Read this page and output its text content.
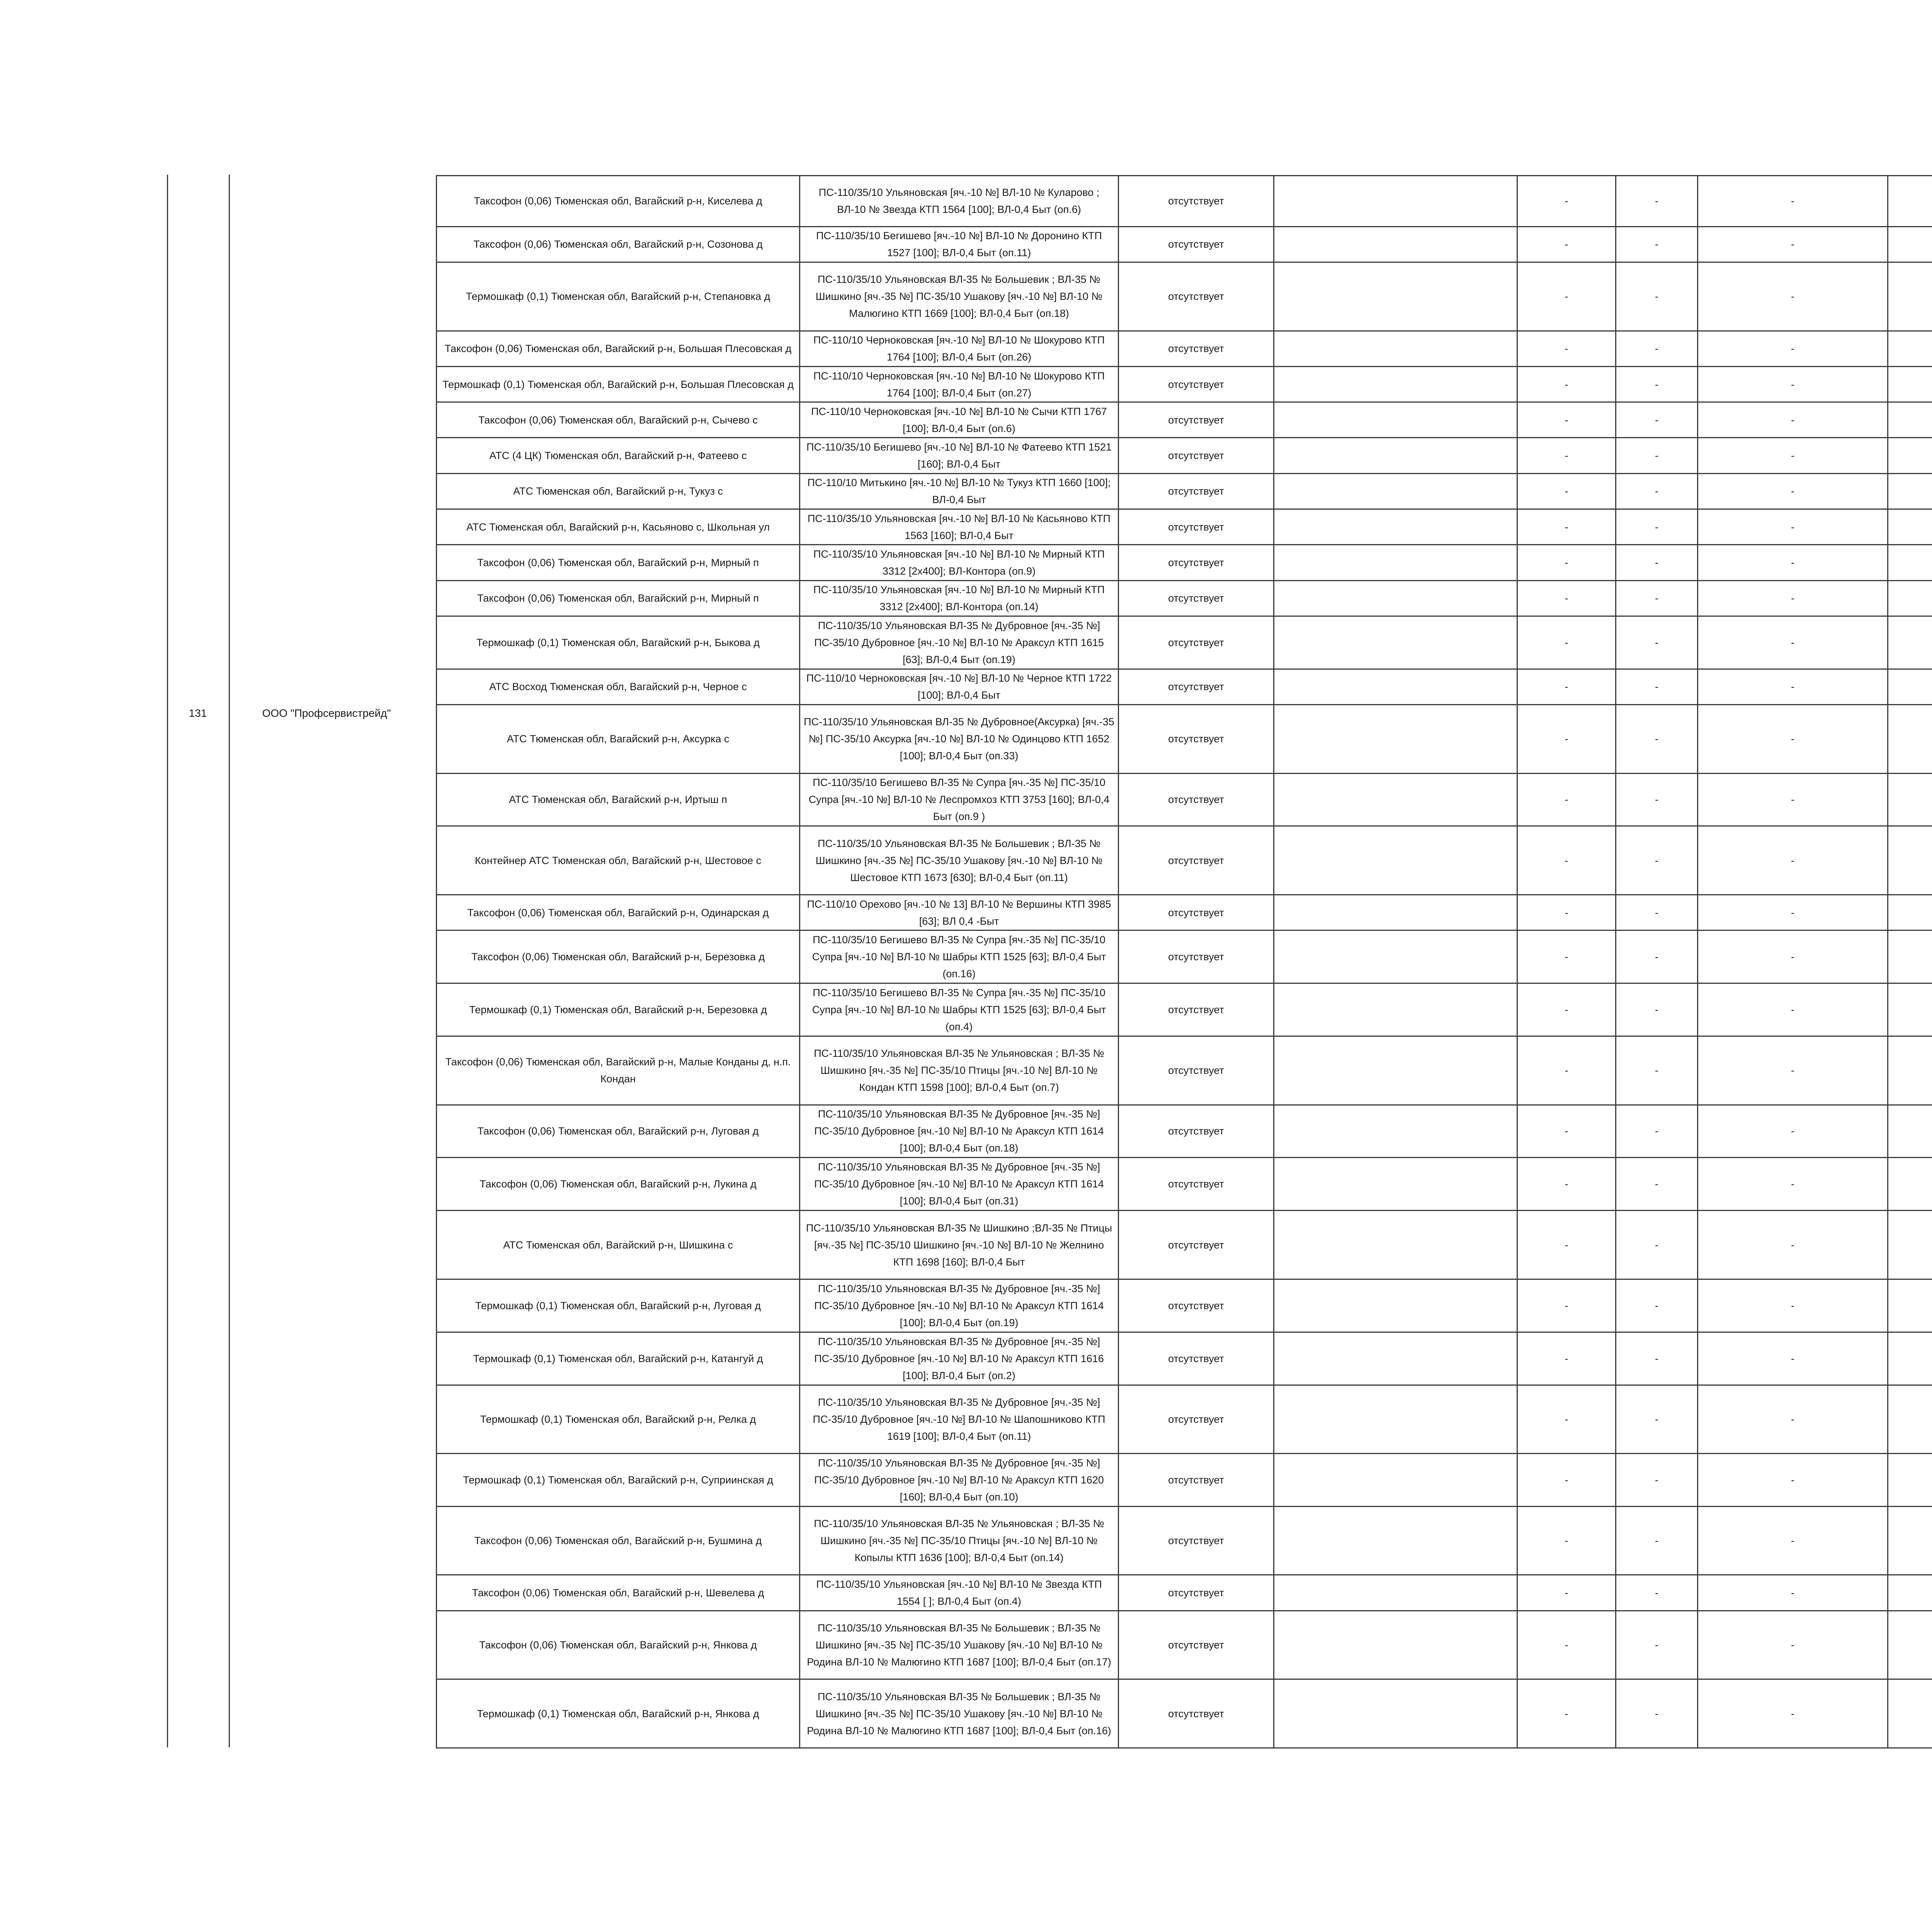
131	ООО "Профсервистрейд"
Таксофон (0,06) Тюменская обл, Вагайский р-н, Киселева д	ПС-110/35/10 Ульяновская [яч.-10 №] ВЛ-10 № Куларово ; ВЛ-10 № Звезда КТП 1564 [100]; ВЛ-0,4 Быт (оп.6)	отсутствует		-	-	-			
Таксофон (0,06) Тюменская обл, Вагайский р-н, Созонова д	ПС-110/35/10 Бегишево [яч.-10 №] ВЛ-10 № Доронино КТП 1527 [100]; ВЛ-0,4 Быт (оп.11)	отсутствует		-	-	-			
Термошкаф (0,1) Тюменская обл, Вагайский р-н, Степановка д	ПС-110/35/10 Ульяновская ВЛ-35 № Большевик ; ВЛ-35 № Шишкино [яч.-35 №] ПС-35/10 Ушакову [яч.-10 №] ВЛ-10 № Малюгино КТП 1669 [100]; ВЛ-0,4 Быт (оп.18)	отсутствует		-	-	-			
Таксофон (0,06) Тюменская обл, Вагайский р-н, Большая Плесовская д	ПС-110/10 Черноковская [яч.-10 №] ВЛ-10 № Шокурово КТП 1764 [100]; ВЛ-0,4 Быт (оп.26)	отсутствует		-	-	-			
Термошкаф (0,1) Тюменская обл, Вагайский р-н, Большая Плесовская д	ПС-110/10 Черноковская [яч.-10 №] ВЛ-10 № Шокурово КТП 1764 [100]; ВЛ-0,4 Быт (оп.27)	отсутствует		-	-	-			
Таксофон (0,06) Тюменская обл, Вагайский р-н, Сычево с	ПС-110/10 Черноковская [яч.-10 №] ВЛ-10 № Сычи КТП 1767 [100]; ВЛ-0,4 Быт (оп.6)	отсутствует		-	-	-			
АТС (4 ЦК) Тюменская обл, Вагайский р-н, Фатеево с	ПС-110/35/10 Бегишево [яч.-10 №] ВЛ-10 № Фатеево КТП 1521 [160]; ВЛ-0,4 Быт	отсутствует		-	-	-			
АТС Тюменская обл, Вагайский р-н, Тукуз с	ПС-110/10 Митькино [яч.-10 №] ВЛ-10 № Тукуз КТП 1660 [100]; ВЛ-0,4 Быт	отсутствует		-	-	-			
АТС Тюменская обл, Вагайский р-н, Касьяново с, Школьная ул	ПС-110/35/10 Ульяновская [яч.-10 №] ВЛ-10 № Касьяново КТП 1563 [160]; ВЛ-0,4 Быт	отсутствует		-	-	-			
Таксофон (0,06) Тюменская обл, Вагайский р-н, Мирный п	ПС-110/35/10 Ульяновская [яч.-10 №] ВЛ-10 № Мирный КТП 3312 [2х400]; ВЛ-Контора (оп.9)	отсутствует		-	-	-			
Таксофон (0,06) Тюменская обл, Вагайский р-н, Мирный п	ПС-110/35/10 Ульяновская [яч.-10 №] ВЛ-10 № Мирный КТП 3312 [2х400]; ВЛ-Контора (оп.14)	отсутствует		-	-	-			
Термошкаф (0,1) Тюменская обл, Вагайский р-н, Быкова д	ПС-110/35/10 Ульяновская ВЛ-35 № Дубровное [яч.-35 №] ПС-35/10 Дубровное [яч.-10 №] ВЛ-10 № Араксул КТП 1615 [63]; ВЛ-0,4 Быт (оп.19)	отсутствует		-	-	-			
АТС Восход Тюменская обл, Вагайский р-н, Черное с	ПС-110/10 Черноковская [яч.-10 №] ВЛ-10 № Черное КТП 1722 [100]; ВЛ-0,4 Быт	отсутствует		-	-	-			
АТС Тюменская обл, Вагайский р-н, Аксурка с	ПС-110/35/10 Ульяновская ВЛ-35 № Дубровное(Аксурка) [яч.-35 №] ПС-35/10 Аксурка [яч.-10 №] ВЛ-10 № Одинцово КТП 1652 [100]; ВЛ-0,4 Быт (оп.33)	отсутствует		-	-	-			
АТС Тюменская обл, Вагайский р-н, Иртыш п	ПС-110/35/10 Бегишево ВЛ-35 № Супра [яч.-35 №] ПС-35/10 Супра [яч.-10 №] ВЛ-10 № Леспромхоз КТП 3753 [160]; ВЛ-0,4 Быт (оп.9 )	отсутствует		-	-	-			
Контейнер АТС Тюменская обл, Вагайский р-н, Шестовое с	ПС-110/35/10 Ульяновская ВЛ-35 № Большевик ; ВЛ-35 № Шишкино [яч.-35 №] ПС-35/10 Ушакову [яч.-10 №] ВЛ-10 № Шестовое КТП 1673 [630]; ВЛ-0,4 Быт (оп.11)	отсутствует		-	-	-			
Таксофон (0,06) Тюменская обл, Вагайский р-н, Одинарская д	ПС-110/10 Орехово [яч.-10 № 13] ВЛ-10 № Вершины КТП 3985 [63]; ВЛ 0,4 -Быт	отсутствует		-	-	-			
Таксофон (0,06) Тюменская обл, Вагайский р-н, Березовка д	ПС-110/35/10 Бегишево ВЛ-35 № Супра [яч.-35 №] ПС-35/10 Супра [яч.-10 №] ВЛ-10 № Шабры КТП 1525 [63]; ВЛ-0,4 Быт (оп.16)	отсутствует		-	-	-			
Термошкаф (0,1) Тюменская обл, Вагайский р-н, Березовка д	ПС-110/35/10 Бегишево ВЛ-35 № Супра [яч.-35 №] ПС-35/10 Супра [яч.-10 №] ВЛ-10 № Шабры КТП 1525 [63]; ВЛ-0,4 Быт (оп.4)	отсутствует		-	-	-			
Таксофон (0,06) Тюменская обл, Вагайский р-н, Малые Конданы д, н.п. Кондан	ПС-110/35/10 Ульяновская ВЛ-35 № Ульяновская ; ВЛ-35 № Шишкино [яч.-35 №] ПС-35/10 Птицы [яч.-10 №] ВЛ-10 № Кондан КТП 1598 [100]; ВЛ-0,4 Быт (оп.7)	отсутствует		-	-	-			
Таксофон (0,06) Тюменская обл, Вагайский р-н, Луговая д	ПС-110/35/10 Ульяновская ВЛ-35 № Дубровное [яч.-35 №] ПС-35/10 Дубровное [яч.-10 №] ВЛ-10 № Араксул КТП 1614 [100]; ВЛ-0,4 Быт (оп.18)	отсутствует		-	-	-			
Таксофон (0,06) Тюменская обл, Вагайский р-н, Лукина д	ПС-110/35/10 Ульяновская ВЛ-35 № Дубровное [яч.-35 №] ПС-35/10 Дубровное [яч.-10 №] ВЛ-10 № Араксул КТП 1614 [100]; ВЛ-0,4 Быт (оп.31)	отсутствует		-	-	-			
АТС Тюменская обл, Вагайский р-н, Шишкина с	ПС-110/35/10 Ульяновская ВЛ-35 № Шишкино ;ВЛ-35 № Птицы [яч.-35 №] ПС-35/10 Шишкино [яч.-10 №] ВЛ-10 № Желнино КТП 1698 [160]; ВЛ-0,4 Быт	отсутствует		-	-	-			
Термошкаф (0,1) Тюменская обл, Вагайский р-н, Луговая д	ПС-110/35/10 Ульяновская ВЛ-35 № Дубровное [яч.-35 №] ПС-35/10 Дубровное [яч.-10 №] ВЛ-10 № Араксул КТП 1614 [100]; ВЛ-0,4 Быт (оп.19)	отсутствует		-	-	-			
Термошкаф (0,1) Тюменская обл, Вагайский р-н, Катангуй д	ПС-110/35/10 Ульяновская ВЛ-35 № Дубровное [яч.-35 №] ПС-35/10 Дубровное [яч.-10 №] ВЛ-10 № Араксул КТП 1616 [100]; ВЛ-0,4 Быт (оп.2)	отсутствует		-	-	-			
Термошкаф (0,1) Тюменская обл, Вагайский р-н, Релка д	ПС-110/35/10 Ульяновская ВЛ-35 № Дубровное [яч.-35 №] ПС-35/10 Дубровное [яч.-10 №] ВЛ-10 № Шапошниково КТП 1619 [100]; ВЛ-0,4 Быт (оп.11)	отсутствует		-	-	-			
Термошкаф (0,1) Тюменская обл, Вагайский р-н, Суприинская д	ПС-110/35/10 Ульяновская ВЛ-35 № Дубровное [яч.-35 №] ПС-35/10 Дубровное [яч.-10 №] ВЛ-10 № Араксул КТП 1620 [160]; ВЛ-0,4 Быт (оп.10)	отсутствует		-	-	-			
Таксофон (0,06) Тюменская обл, Вагайский р-н, Бушмина д	ПС-110/35/10 Ульяновская ВЛ-35 № Ульяновская ; ВЛ-35 № Шишкино [яч.-35 №] ПС-35/10 Птицы [яч.-10 №] ВЛ-10 № Копылы КТП 1636 [100]; ВЛ-0,4 Быт (оп.14)	отсутствует		-	-	-			
Таксофон (0,06) Тюменская обл, Вагайский р-н, Шевелева д	ПС-110/35/10 Ульяновская [яч.-10 №] ВЛ-10 № Звезда КТП 1554 [ ]; ВЛ-0,4 Быт (оп.4)	отсутствует		-	-	-			
Таксофон (0,06) Тюменская обл, Вагайский р-н, Янкова д	ПС-110/35/10 Ульяновская ВЛ-35 № Большевик ; ВЛ-35 № Шишкино [яч.-35 №] ПС-35/10 Ушакову [яч.-10 №] ВЛ-10 № Родина ВЛ-10 № Малюгино КТП 1687 [100]; ВЛ-0,4 Быт (оп.17)	отсутствует		-	-	-			
Термошкаф (0,1) Тюменская обл, Вагайский р-н, Янкова д	ПС-110/35/10 Ульяновская ВЛ-35 № Большевик ; ВЛ-35 № Шишкино [яч.-35 №] ПС-35/10 Ушакову [яч.-10 №] ВЛ-10 № Родина ВЛ-10 № Малюгино КТП 1687 [100]; ВЛ-0,4 Быт (оп.16)	отсутствует		-	-	-			
